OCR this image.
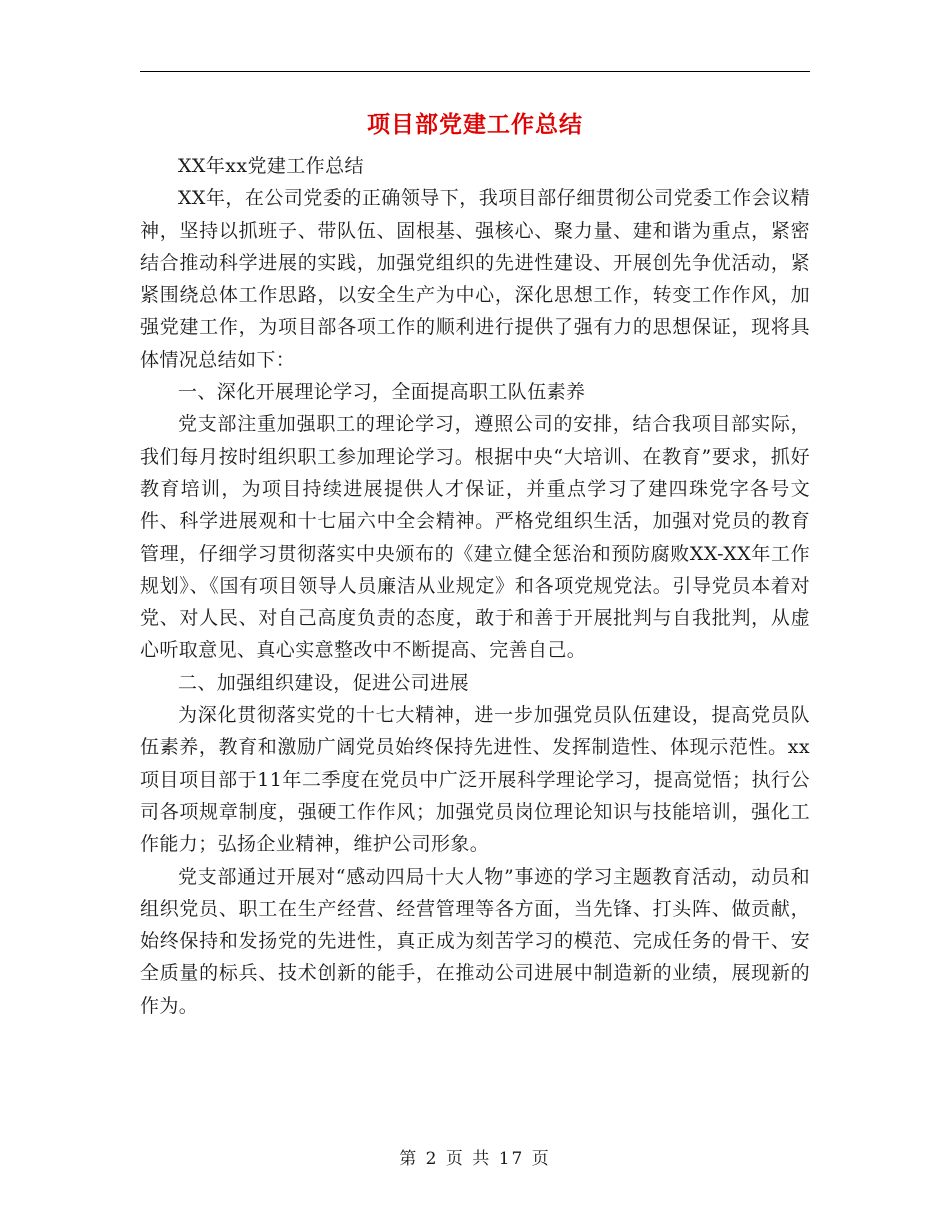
项目部党建工作总结

XX年xx党建工作总结

XX年，在公司党委的正确领导下，我项目部仔细贯彻公司党委工作会议精神，坚持以抓班子、带队伍、固根基、强核心、聚力量、建和谐为重点，紧密结合推动科学进展的实践，加强党组织的先进性建设、开展创先争优活动，紧紧围绕总体工作思路，以安全生产为中心，深化思想工作，转变工作作风，加强党建工作，为项目部各项工作的顺利进行提供了强有力的思想保证，现将具体情况总结如下：

一、深化开展理论学习，全面提高职工队伍素养

党支部注重加强职工的理论学习，遵照公司的安排，结合我项目部实际，我们每月按时组织职工参加理论学习。根据中央“大培训、在教育”要求，抓好教育培训，为项目持续进展提供人才保证，并重点学习了建四珠党字各号文件、科学进展观和十七届六中全会精神。严格党组织生活，加强对党员的教育管理，仔细学习贯彻落实中央颁布的《建立健全惩治和预防腐败XX-XX年工作规划》、《国有项目领导人员廉洁从业规定》和各项党规党法。引导党员本着对党、对人民、对自己高度负责的态度，敢于和善于开展批判与自我批判，从虚心听取意见、真心实意整改中不断提高、完善自己。

二、加强组织建设，促进公司进展

为深化贯彻落实党的十七大精神，进一步加强党员队伍建设，提高党员队伍素养，教育和激励广阔党员始终保持先进性、发挥制造性、体现示范性。xx项目项目部于11年二季度在党员中广泛开展科学理论学习，提高觉悟；执行公司各项规章制度，强硬工作作风；加强党员岗位理论知识与技能培训，强化工作能力；弘扬企业精神，维护公司形象。

党支部通过开展对“感动四局十大人物”事迹的学习主题教育活动，动员和组织党员、职工在生产经营、经营管理等各方面，当先锋、打头阵、做贡献，始终保持和发扬党的先进性，真正成为刻苦学习的模范、完成任务的骨干、安全质量的标兵、技术创新的能手，在推动公司进展中制造新的业绩，展现新的作为。

第 2 页 共 17 页
